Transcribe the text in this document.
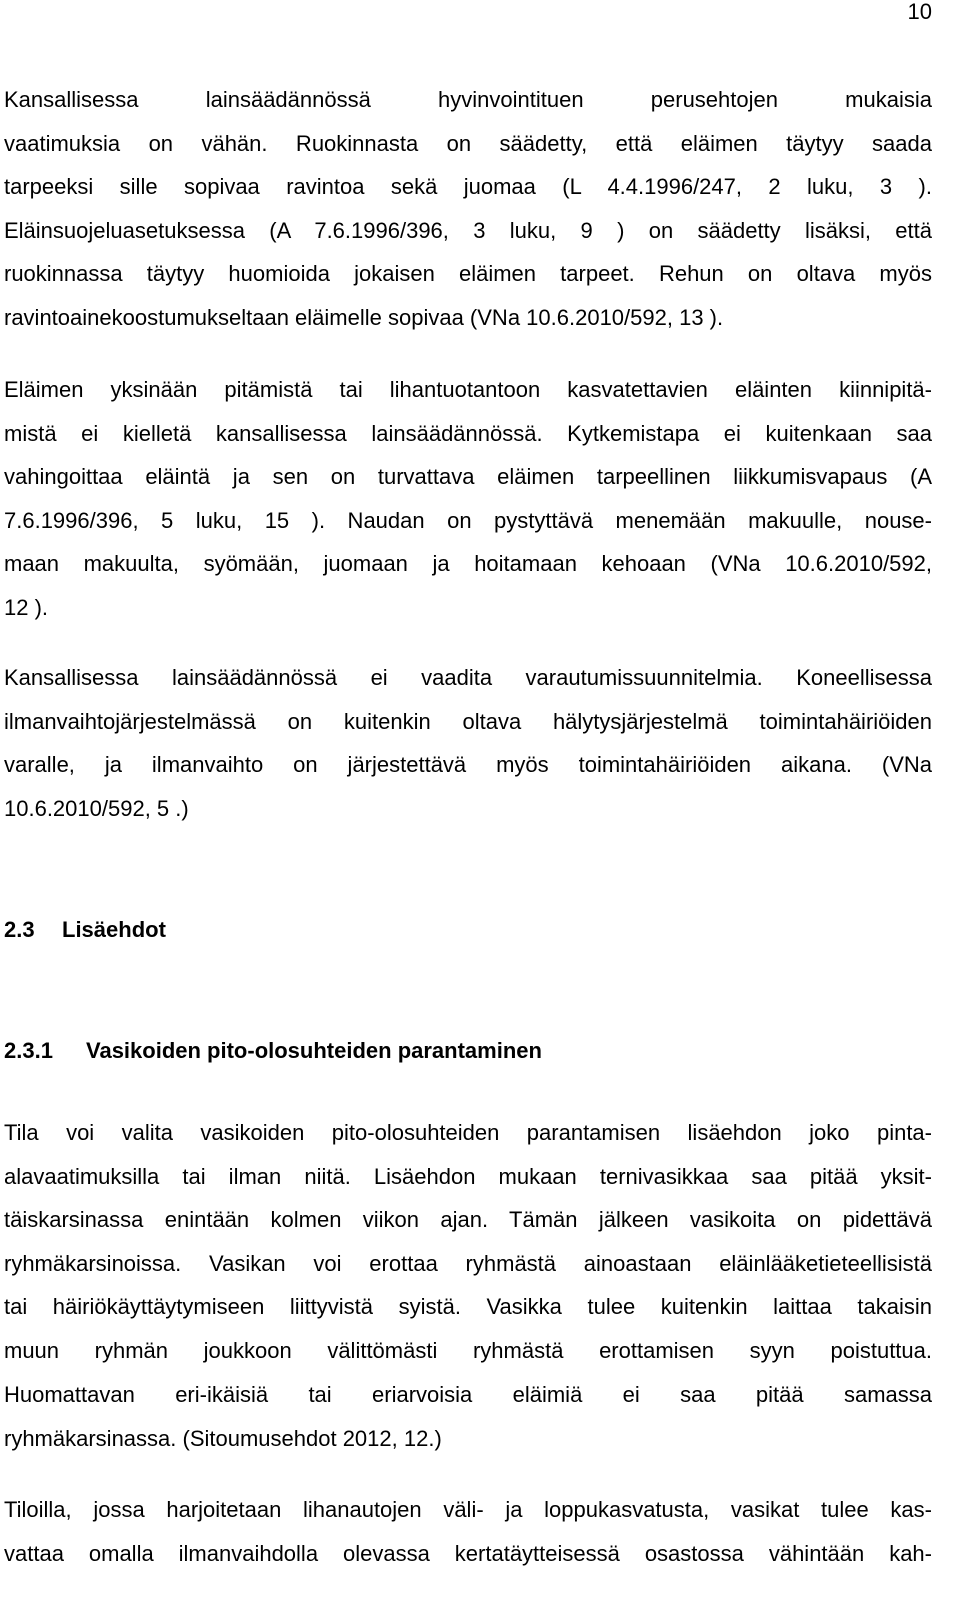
10
Kansallisessa lainsäädännössä hyvinvointituen perusehtojen mukaisia
vaatimuksia on vähän. Ruokinnasta on säädetty, että eläimen täytyy saada
tarpeeksi sille sopivaa ravintoa sekä juomaa (L 4.4.1996/247, 2 luku, 3 ).
Eläinsuojeluasetuksessa (A 7.6.1996/396, 3 luku, 9 ) on säädetty lisäksi, että
ruokinnassa täytyy huomioida jokaisen eläimen tarpeet. Rehun on oltava myös
ravintoainekoostumukseltaan eläimelle sopivaa (VNa 10.6.2010/592, 13 ).
Eläimen yksinään pitämistä tai lihantuotantoon kasvatettavien eläinten kiinnipitä-
mistä ei kielletä kansallisessa lainsäädännössä. Kytkemistapa ei kuitenkaan saa
vahingoittaa eläintä ja sen on turvattava eläimen tarpeellinen liikkumisvapaus (A
7.6.1996/396, 5 luku, 15 ). Naudan on pystyttävä menemään makuulle, nouse-
maan makuulta, syömään, juomaan ja hoitamaan kehoaan (VNa 10.6.2010/592,
12 ).
Kansallisessa lainsäädännössä ei vaadita varautumissuunnitelmia. Koneellisessa
ilmanvaihtojärjestelmässä on kuitenkin oltava hälytysjärjestelmä toimintahäiriöiden
varalle, ja ilmanvaihto on järjestettävä myös toimintahäiriöiden aikana. (VNa
10.6.2010/592, 5 .)
2.3 Lisäehdot
2.3.1 Vasikoiden pito-olosuhteiden parantaminen
Tila voi valita vasikoiden pito-olosuhteiden parantamisen lisäehdon joko pinta-
alavaatimuksilla tai ilman niitä. Lisäehdon mukaan ternivasikkaa saa pitää yksit-
täiskarsinassa enintään kolmen viikon ajan. Tämän jälkeen vasikoita on pidettävä
ryhmäkarsinoissa. Vasikan voi erottaa ryhmästä ainoastaan eläinlääketieteellisistä
tai häiriökäyttäytymiseen liittyvistä syistä. Vasikka tulee kuitenkin laittaa takaisin
muun ryhmän joukkoon välittömästi ryhmästä erottamisen syyn poistuttua.
Huomattavan eri-ikäisiä tai eriarvoisia eläimiä ei saa pitää samassa
ryhmäkarsinassa. (Sitoumusehdot 2012, 12.)
Tiloilla, jossa harjoitetaan lihanautojen väli- ja loppukasvatusta, vasikat tulee kas-
vattaa omalla ilmanvaihdolla olevassa kertatäytteisessä osastossa vähintään kah-
